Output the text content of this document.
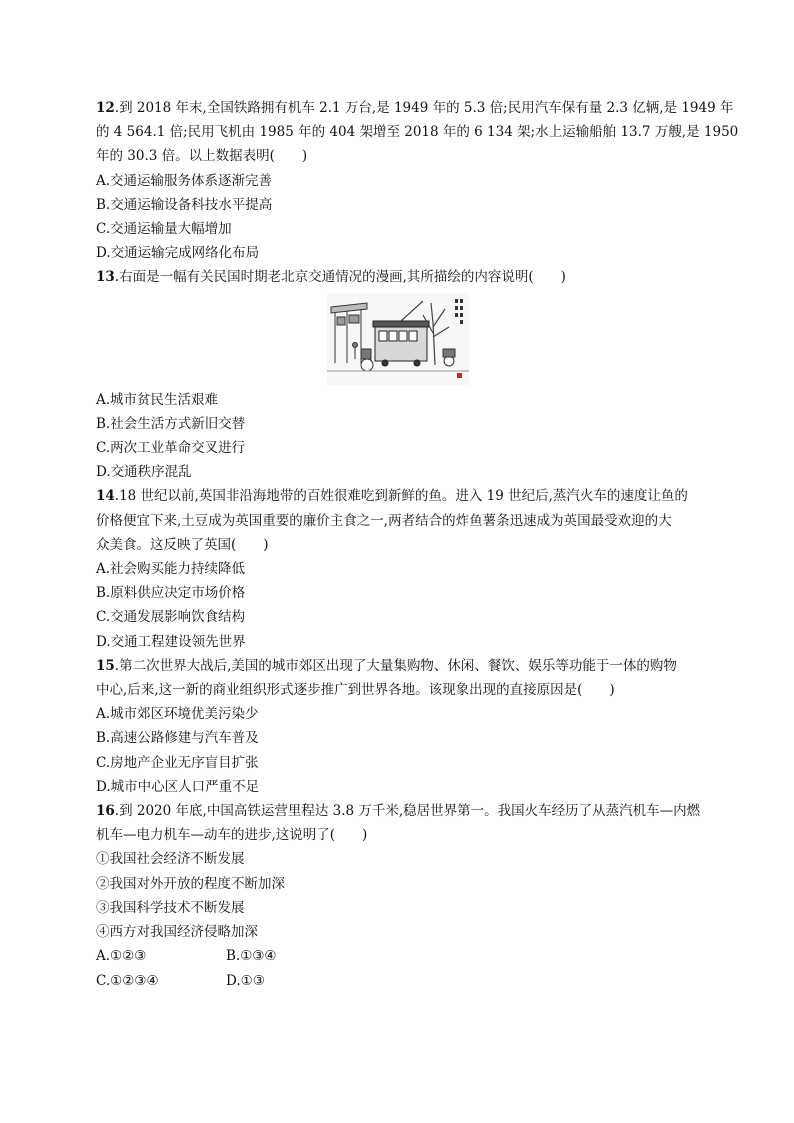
12.到 2018 年末,全国铁路拥有机车 2.1 万台,是 1949 年的 5.3 倍;民用汽车保有量 2.3 亿辆,是 1949 年
的 4 564.1 倍;民用飞机由 1985 年的 404 架增至 2018 年的 6 134 架;水上运输船舶 13.7 万艘,是 1950
年的 30.3 倍。以上数据表明(　　)
A.交通运输服务体系逐渐完善
B.交通运输设备科技水平提高
C.交通运输量大幅增加
D.交通运输完成网络化布局
13.右面是一幅有关民国时期老北京交通情况的漫画,其所描绘的内容说明(　　)
A.城市贫民生活艰难
B.社会生活方式新旧交替
C.两次工业革命交叉进行
D.交通秩序混乱
14.18 世纪以前,英国非沿海地带的百姓很难吃到新鲜的鱼。进入 19 世纪后,蒸汽火车的速度让鱼的
价格便宜下来,土豆成为英国重要的廉价主食之一,两者结合的炸鱼薯条迅速成为英国最受欢迎的大
众美食。这反映了英国(　　)
A.社会购买能力持续降低
B.原料供应决定市场价格
C.交通发展影响饮食结构
D.交通工程建设领先世界
15.第二次世界大战后,美国的城市郊区出现了大量集购物、休闲、餐饮、娱乐等功能于一体的购物
中心,后来,这一新的商业组织形式逐步推广到世界各地。该现象出现的直接原因是(　　)
A.城市郊区环境优美污染少
B.高速公路修建与汽车普及
C.房地产企业无序盲目扩张
D.城市中心区人口严重不足
16.到 2020 年底,中国高铁运营里程达 3.8 万千米,稳居世界第一。我国火车经历了从蒸汽机车—内燃
机车—电力机车—动车的进步,这说明了(　　)
①我国社会经济不断发展
②我国对外开放的程度不断加深
③我国科学技术不断发展
④西方对我国经济侵略加深
A.①②③	B.①③④
C.①②③④	D.①③
